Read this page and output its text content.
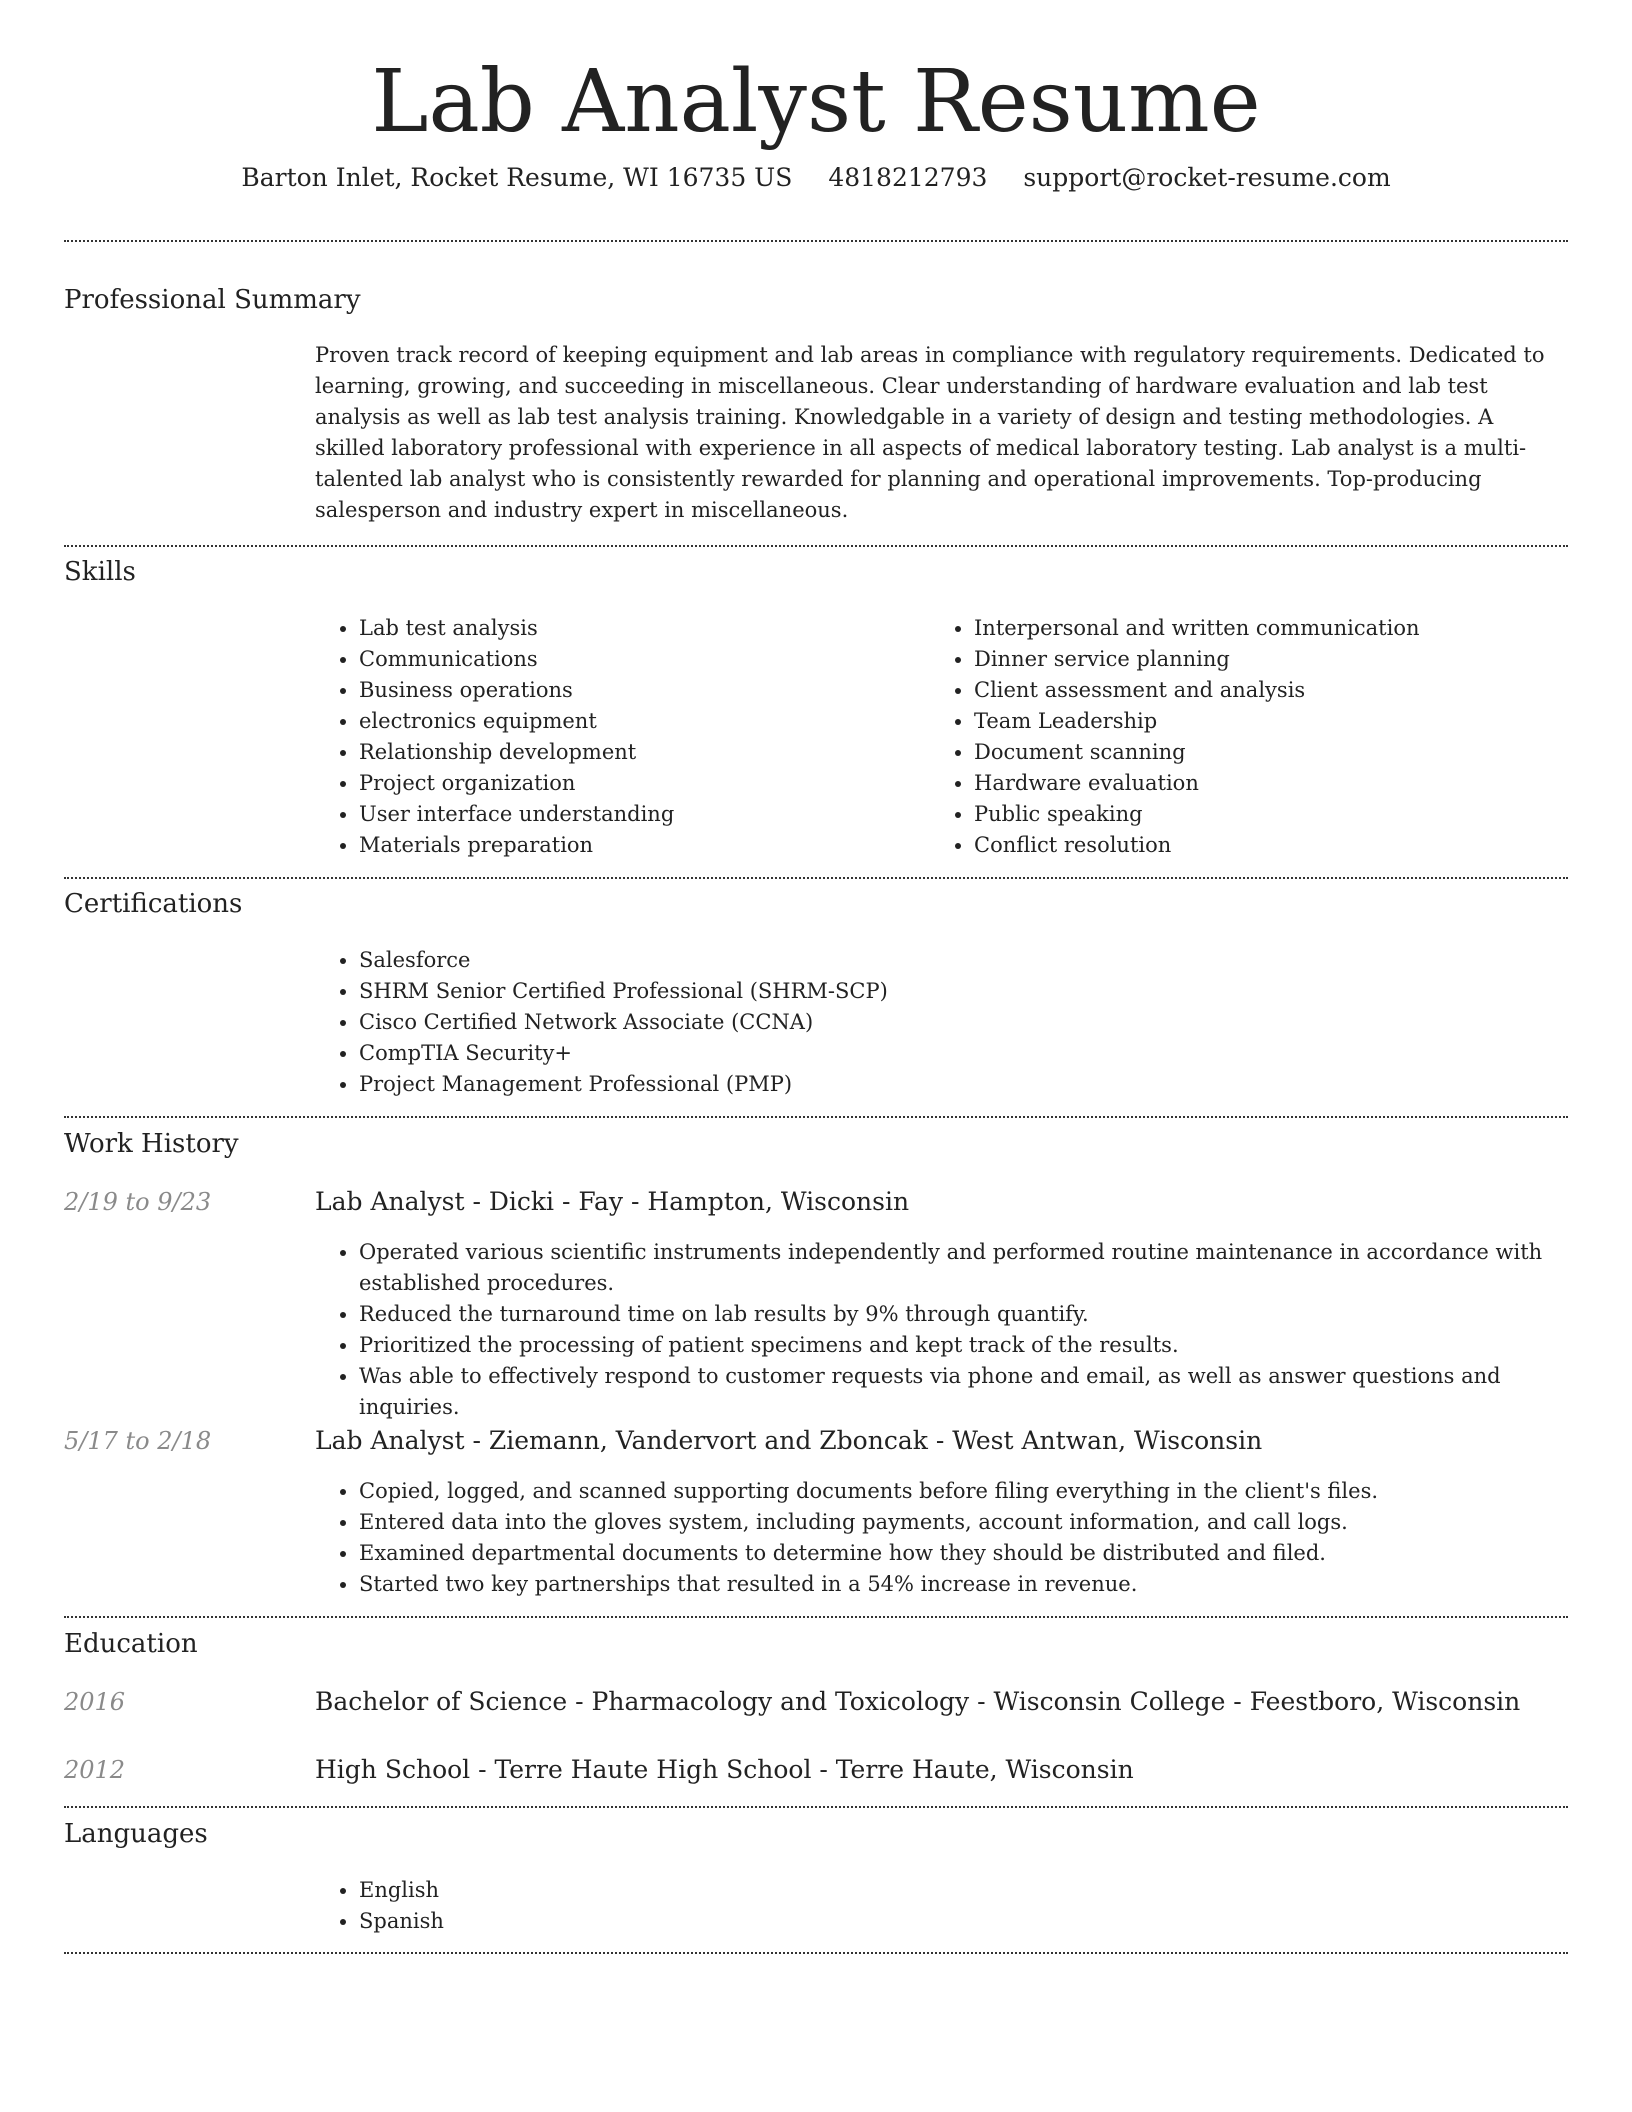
Lab Analyst Resume
Barton Inlet, Rocket Resume, WI 16735 US 4818212793 support@rocket-resume.com
Professional Summary

Proven track record of keeping equipment and lab areas in compliance with regulatory requirements. Dedicated to learning, growing, and succeeding in miscellaneous. Clear understanding of hardware evaluation and lab test analysis as well as lab test analysis training. Knowledgable in a variety of design and testing methodologies. A skilled laboratory professional with experience in all aspects of medical laboratory testing. Lab analyst is a multi-talented lab analyst who is consistently rewarded for planning and operational improvements. Top-producing salesperson and industry expert in miscellaneous.

Skills
• Lab test analysis
• Communications
• Business operations
• electronics equipment
• Relationship development
• Project organization
• User interface understanding
• Materials preparation
• Interpersonal and written communication
• Dinner service planning
• Client assessment and analysis
• Team Leadership
• Document scanning
• Hardware evaluation
• Public speaking
• Conflict resolution
Certifications
• Salesforce
• SHRM Senior Certified Professional (SHRM-SCP)
• Cisco Certified Network Associate (CCNA)
• CompTIA Security+
• Project Management Professional (PMP)
Work History
2/19 to 9/23	Lab Analyst - Dicki - Fay - Hampton, Wisconsin
• Operated various scientific instruments independently and performed routine maintenance in accordance with established procedures.
• Reduced the turnaround time on lab results by 9% through quantify.
• Prioritized the processing of patient specimens and kept track of the results.
• Was able to effectively respond to customer requests via phone and email, as well as answer questions and inquiries.
5/17 to 2/18	Lab Analyst - Ziemann, Vandervort and Zboncak - West Antwan, Wisconsin
• Copied, logged, and scanned supporting documents before filing everything in the client's files.
• Entered data into the gloves system, including payments, account information, and call logs.
• Examined departmental documents to determine how they should be distributed and filed.
• Started two key partnerships that resulted in a 54% increase in revenue.
Education
2016	Bachelor of Science - Pharmacology and Toxicology - Wisconsin College - Feestboro, Wisconsin
2012	High School - Terre Haute High School - Terre Haute, Wisconsin
Languages
• English
• Spanish
